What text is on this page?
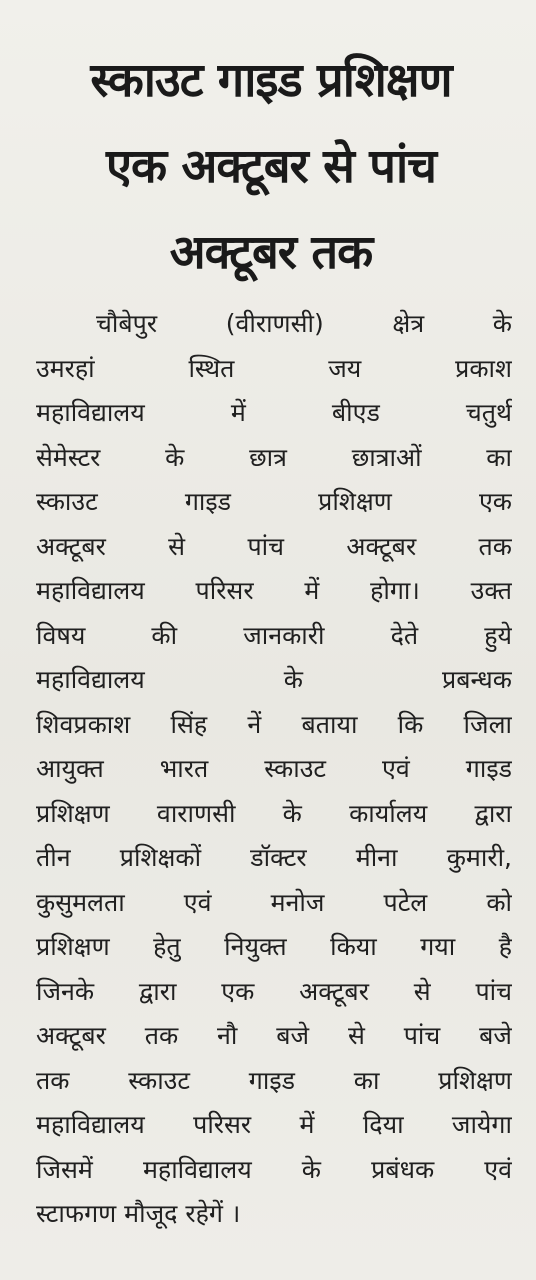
स्काउट गाइड प्रशिक्षण
एक अक्टूबर से पांच
अक्टूबर तक
चौबेपुर (वीराणसी) क्षेत्र के
उमरहां स्थित जय प्रकाश
महाविद्यालय में बीएड चतुर्थ
सेमेस्टर के छात्र छात्राओं का
स्काउट गाइड प्रशिक्षण एक
अक्टूबर से पांच अक्टूबर तक
महाविद्यालय परिसर में होगा। उक्त
विषय की जानकारी देते हुये
महाविद्यालय के प्रबन्धक
शिवप्रकाश सिंह नें बताया कि जिला
आयुक्त भारत स्काउट एवं गाइड
प्रशिक्षण वाराणसी के कार्यालय द्वारा
तीन प्रशिक्षकों डॉक्टर मीना कुमारी,
कुसुमलता एवं मनोज पटेल को
प्रशिक्षण हेतु नियुक्त किया गया है
जिनके द्वारा एक अक्टूबर से पांच
अक्टूबर तक नौ बजे से पांच बजे
तक स्काउट गाइड का प्रशिक्षण
महाविद्यालय परिसर में दिया जायेगा
जिसमें महाविद्यालय के प्रबंधक एवं
स्टाफगण मौजूद रहेगें ।
